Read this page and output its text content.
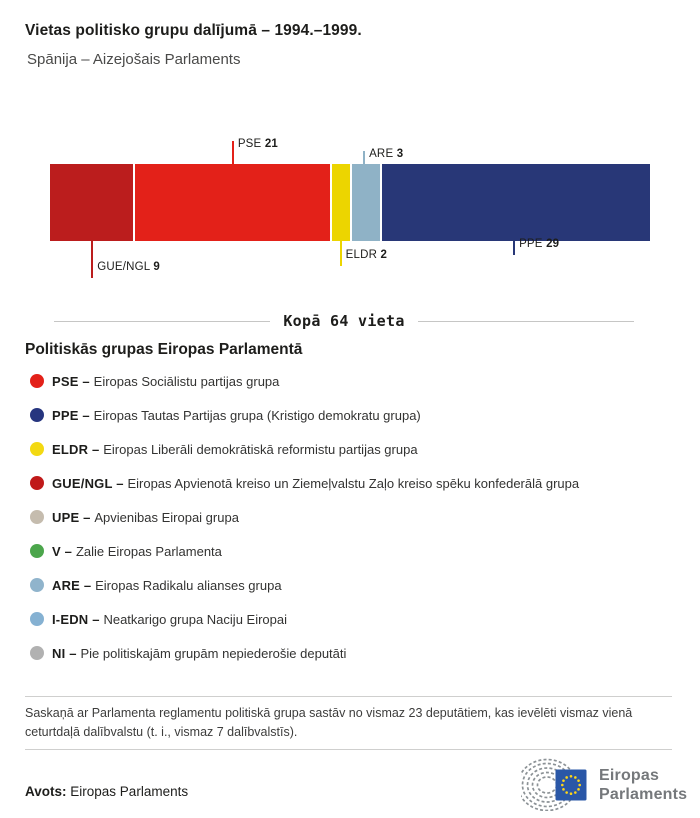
Vietas politisko grupu dalījumā – 1994.–1999.
Spānija – Aizejošais Parlaments
GUE/NGL 9
PSE 21
ELDR 2
ARE 3
PPE 29
Kopā 64 vieta
Politiskās grupas Eiropas Parlamentā
PSE – Eiropas Sociālistu partijas grupa
PPE – Eiropas Tautas Partijas grupa (Kristigo demokratu grupa)
ELDR – Eiropas Liberāli demokrātiskā reformistu partijas grupa
GUE/NGL – Eiropas Apvienotā kreiso un Ziemeļvalstu Zaļo kreiso spēku konfederālā grupa
UPE – Apvienibas Eiropai grupa
V – Zalie Eiropas Parlamenta
ARE – Eiropas Radikalu alianses grupa
I-EDN – Neatkarigo grupa Naciju Eiropai
NI – Pie politiskajām grupām nepiederošie deputāti
Saskaņā ar Parlamenta reglamentu politiskā grupa sastāv no vismaz 23 deputātiem, kas ievēlēti vismaz vienā ceturtdaļā dalībvalstu (t. i., vismaz 7 dalībvalstīs).
Avots: Eiropas Parlaments
Eiropas
Parlaments
